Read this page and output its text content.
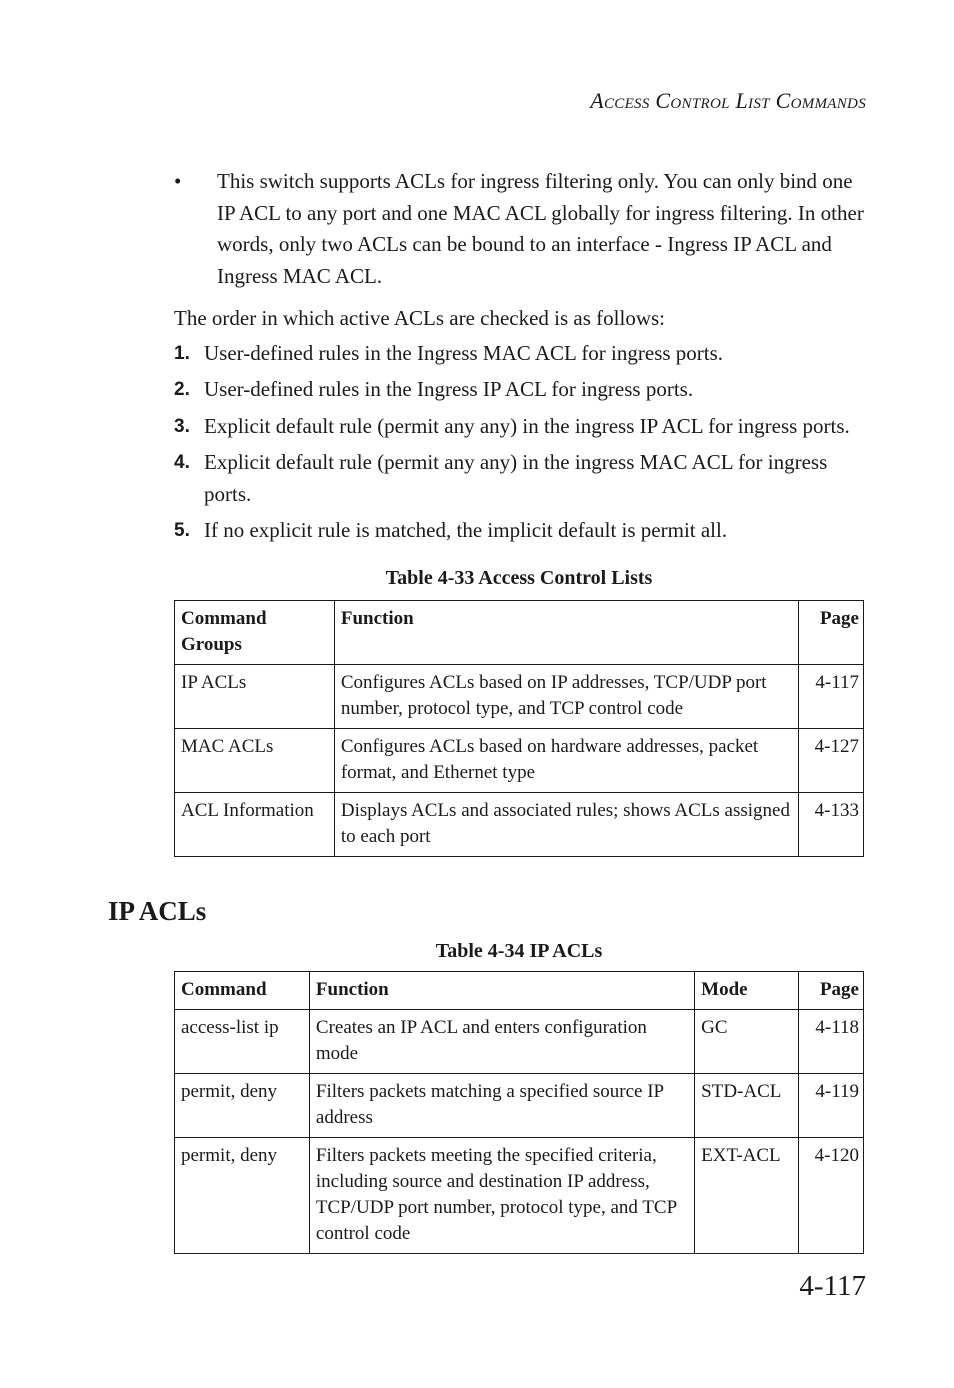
Access Control List Commands

• This switch supports ACLs for ingress filtering only. You can only bind one IP ACL to any port and one MAC ACL globally for ingress filtering. In other words, only two ACLs can be bound to an interface - Ingress IP ACL and Ingress MAC ACL.

The order in which active ACLs are checked is as follows:

1. User-defined rules in the Ingress MAC ACL for ingress ports.
2. User-defined rules in the Ingress IP ACL for ingress ports.
3. Explicit default rule (permit any any) in the ingress IP ACL for ingress ports.
4. Explicit default rule (permit any any) in the ingress MAC ACL for ingress ports.
5. If no explicit rule is matched, the implicit default is permit all.

Table 4-33 Access Control Lists

Command Groups	Function	Page
IP ACLs	Configures ACLs based on IP addresses, TCP/UDP port number, protocol type, and TCP control code	4-117
MAC ACLs	Configures ACLs based on hardware addresses, packet format, and Ethernet type	4-127
ACL Information	Displays ACLs and associated rules; shows ACLs assigned to each port	4-133
IP ACLs

Table 4-34 IP ACLs

Command	Function	Mode	Page
access-list ip	Creates an IP ACL and enters configuration mode	GC	4-118
permit, deny	Filters packets matching a specified source IP address	STD-ACL	4-119
permit, deny	Filters packets meeting the specified criteria, including source and destination IP address, TCP/UDP port number, protocol type, and TCP control code	EXT-ACL	4-120
4-117
